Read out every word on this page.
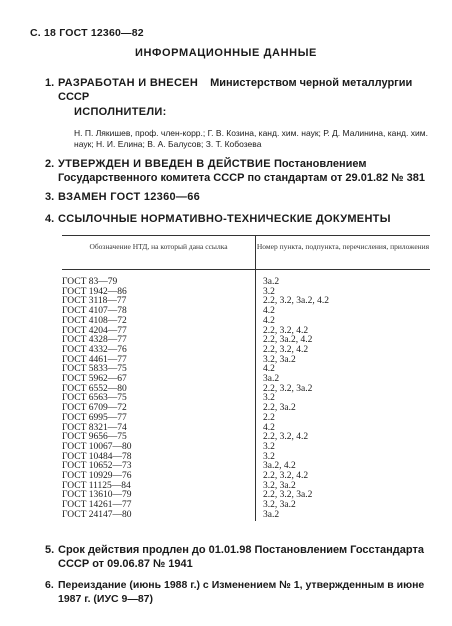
С. 18 ГОСТ 12360—82
ИНФОРМАЦИОННЫЕ ДАННЫЕ
1. РАЗРАБОТАН И ВНЕСЕН Министерством черной металлургии СССР
ИСПОЛНИТЕЛИ:
Н. П. Лякишев, проф. член-корр.; Г. В. Козина, канд. хим. наук; Р. Д. Малинина, канд. хим. наук; Н. И. Елина; В. А. Балусов; З. Т. Кобозева
2. УТВЕРЖДЕН И ВВЕДЕН В ДЕЙСТВИЕ Постановлением Государственного комитета СССР по стандартам от 29.01.82 № 381
3. ВЗАМЕН ГОСТ 12360—66
4. ССЫЛОЧНЫЕ НОРМАТИВНО-ТЕХНИЧЕСКИЕ ДОКУМЕНТЫ
Обозначение НТД, на который дана ссылка	Номер пункта, подпункта, перечисления, приложения
ГОСТ 83—79
ГОСТ 1942—86
ГОСТ 3118—77
ГОСТ 4107—78
ГОСТ 4108—72
ГОСТ 4204—77
ГОСТ 4328—77
ГОСТ 4332—76
ГОСТ 4461—77
ГОСТ 5833—75
ГОСТ 5962—67
ГОСТ 6552—80
ГОСТ 6563—75
ГОСТ 6709—72
ГОСТ 6995—77
ГОСТ 8321—74
ГОСТ 9656—75
ГОСТ 10067—80
ГОСТ 10484—78
ГОСТ 10652—73
ГОСТ 10929—76
ГОСТ 11125—84
ГОСТ 13610—79
ГОСТ 14261—77
ГОСТ 24147—80
3а.2
3.2
2.2, 3.2, 3а.2, 4.2
4.2
4.2
2.2, 3.2, 4.2
2.2, 3а.2, 4.2
2.2, 3.2, 4.2
3.2, 3а.2
4.2
3а.2
2.2, 3.2, 3а.2
3.2
2.2, 3а.2
2.2
4.2
2.2, 3.2, 4.2
3.2
3.2
3а.2, 4.2
2.2, 3.2, 4.2
3.2, 3а.2
2.2, 3.2, 3а.2
3.2, 3а.2
3а.2
5. Срок действия продлен до 01.01.98 Постановлением Госстандарта СССР от 09.06.87 № 1941
6. Переиздание (июнь 1988 г.) с Изменением № 1, утвержденным в июне 1987 г. (ИУС 9—87)
